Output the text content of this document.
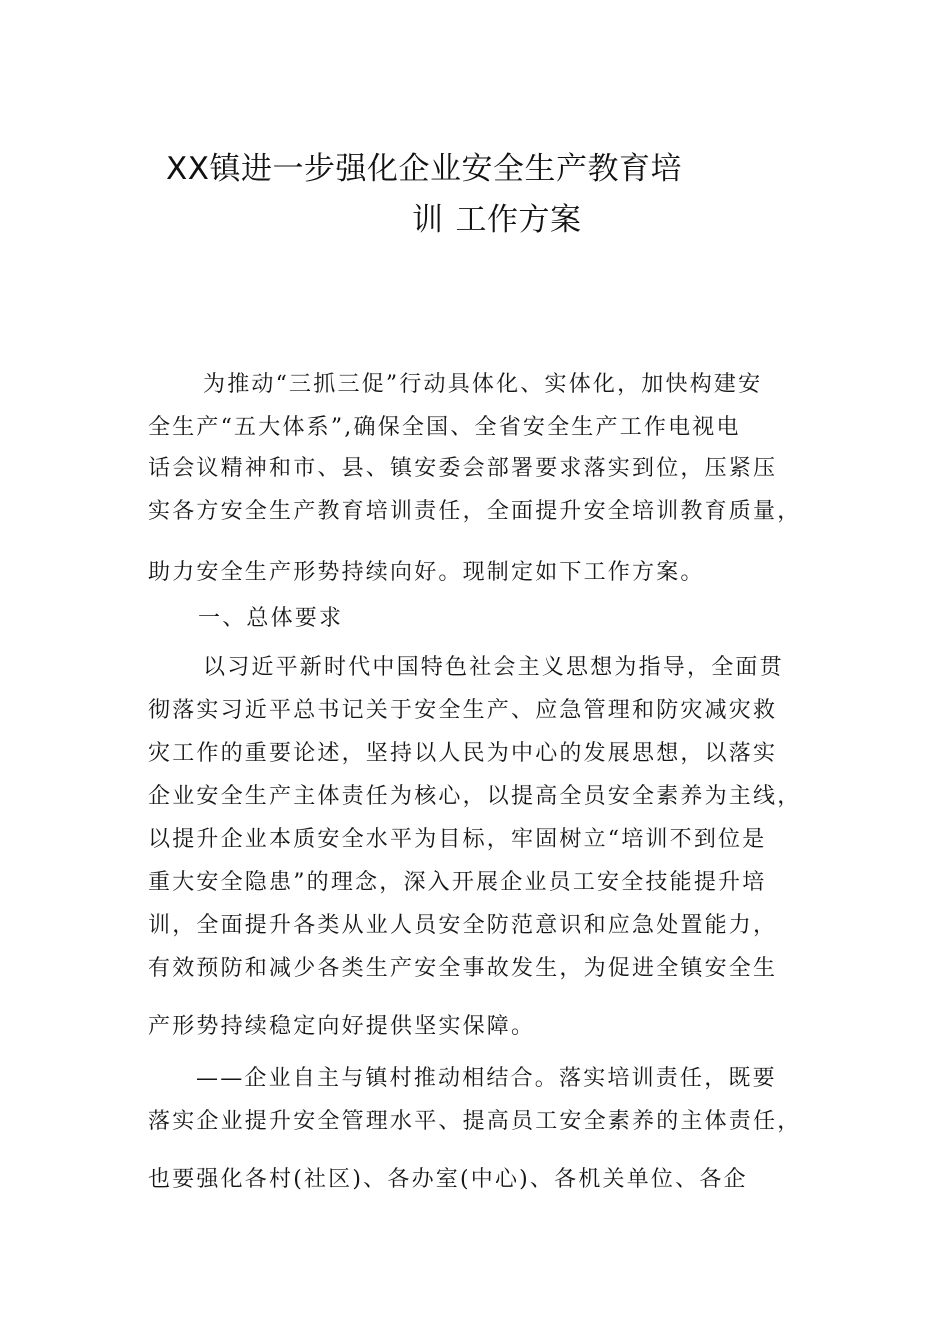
XX镇进一步强化企业安全生产教育培
训 工作方案
为推动“三抓三促”行动具体化、实体化，加快构建安
全生产“五大体系”,确保全国、全省安全生产工作电视电
话会议精神和市、县、镇安委会部署要求落实到位，压紧压
实各方安全生产教育培训责任，全面提升安全培训教育质量，
助力安全生产形势持续向好。现制定如下工作方案。
一、总体要求
以习近平新时代中国特色社会主义思想为指导，全面贯
彻落实习近平总书记关于安全生产、应急管理和防灾减灾救
灾工作的重要论述，坚持以人民为中心的发展思想，以落实
企业安全生产主体责任为核心，以提高全员安全素养为主线，
以提升企业本质安全水平为目标，牢固树立“培训不到位是
重大安全隐患”的理念，深入开展企业员工安全技能提升培
训，全面提升各类从业人员安全防范意识和应急处置能力，
有效预防和减少各类生产安全事故发生，为促进全镇安全生
产形势持续稳定向好提供坚实保障。
——企业自主与镇村推动相结合。落实培训责任，既要
落实企业提升安全管理水平、提高员工安全素养的主体责任，
也要强化各村(社区)、各办室(中心)、各机关单位、各企
